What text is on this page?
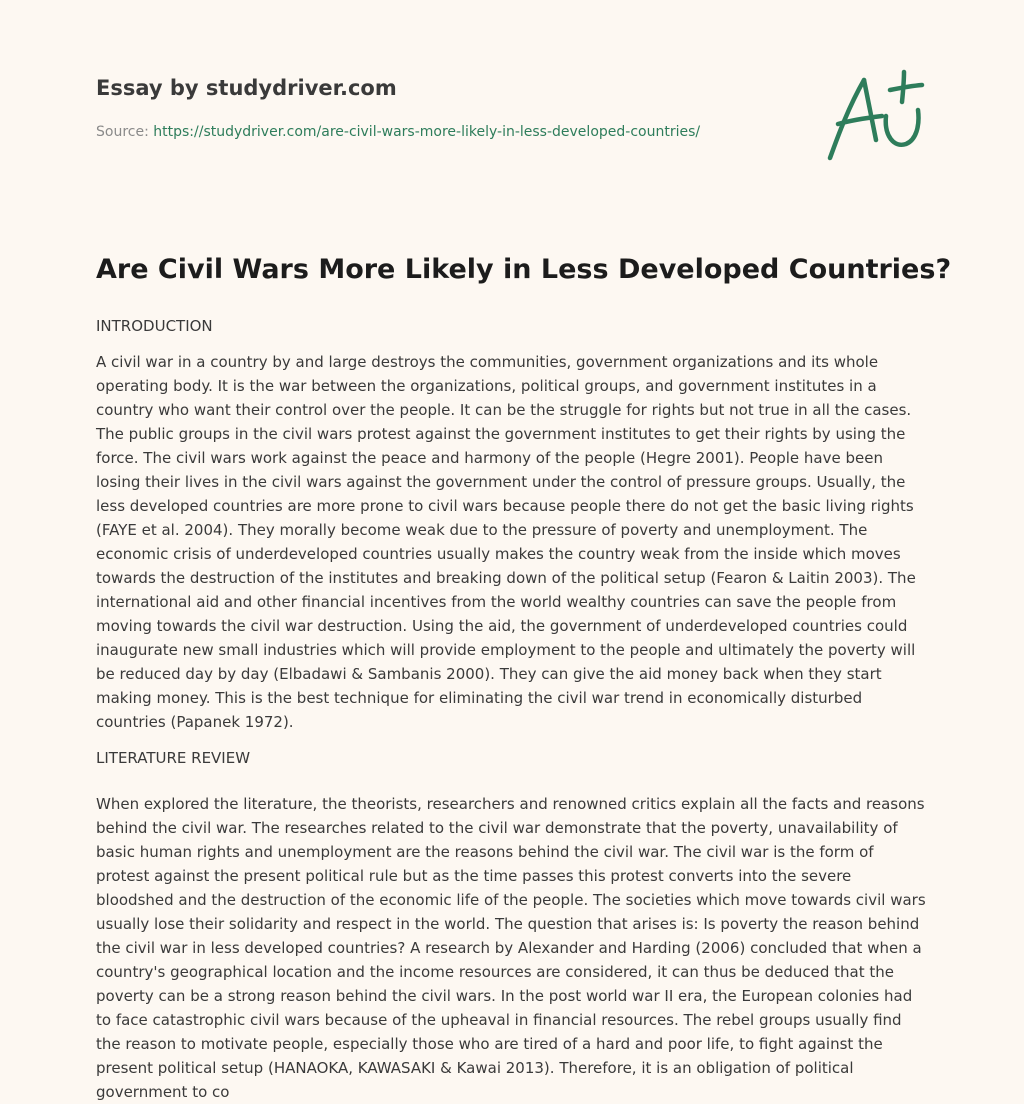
Essay by studydriver.com
Source: https://studydriver.com/are-civil-wars-more-likely-in-less-developed-countries/
Are Civil Wars More Likely in Less Developed Countries?
INTRODUCTION

A civil war in a country by and large destroys the communities, government organizations and its whole operating body. It is the war between the organizations, political groups, and government institutes in a country who want their control over the people. It can be the struggle for rights but not true in all the cases. The public groups in the civil wars protest against the government institutes to get their rights by using the force. The civil wars work against the peace and harmony of the people (Hegre 2001). People have been losing their lives in the civil wars against the government under the control of pressure groups. Usually, the less developed countries are more prone to civil wars because people there do not get the basic living rights (FAYE et al. 2004). They morally become weak due to the pressure of poverty and unemployment. The economic crisis of underdeveloped countries usually makes the country weak from the inside which moves towards the destruction of the institutes and breaking down of the political setup (Fearon & Laitin 2003). The international aid and other financial incentives from the world wealthy countries can save the people from moving towards the civil war destruction. Using the aid, the government of underdeveloped countries could inaugurate new small industries which will provide employment to the people and ultimately the poverty will be reduced day by day (Elbadawi & Sambanis 2000). They can give the aid money back when they start making money. This is the best technique for eliminating the civil war trend in economically disturbed countries (Papanek 1972).

LITERATURE REVIEW

When explored the literature, the theorists, researchers and renowned critics explain all the facts and reasons behind the civil war. The researches related to the civil war demonstrate that the poverty, unavailability of basic human rights and unemployment are the reasons behind the civil war. The civil war is the form of protest against the present political rule but as the time passes this protest converts into the severe bloodshed and the destruction of the economic life of the people. The societies which move towards civil wars usually lose their solidarity and respect in the world. The question that arises is: Is poverty the reason behind the civil war in less developed countries? A research by Alexander and Harding (2006) concluded that when a country's geographical location and the income resources are considered, it can thus be deduced that the poverty can be a strong reason behind the civil wars. In the post world war II era, the European colonies had to face catastrophic civil wars because of the upheaval in financial resources. The rebel groups usually find the reason to motivate people, especially those who are tired of a hard and poor life, to fight against the present political setup (HANAOKA, KAWASAKI & Kawai 2013). Therefore, it is an obligation of political government to co
